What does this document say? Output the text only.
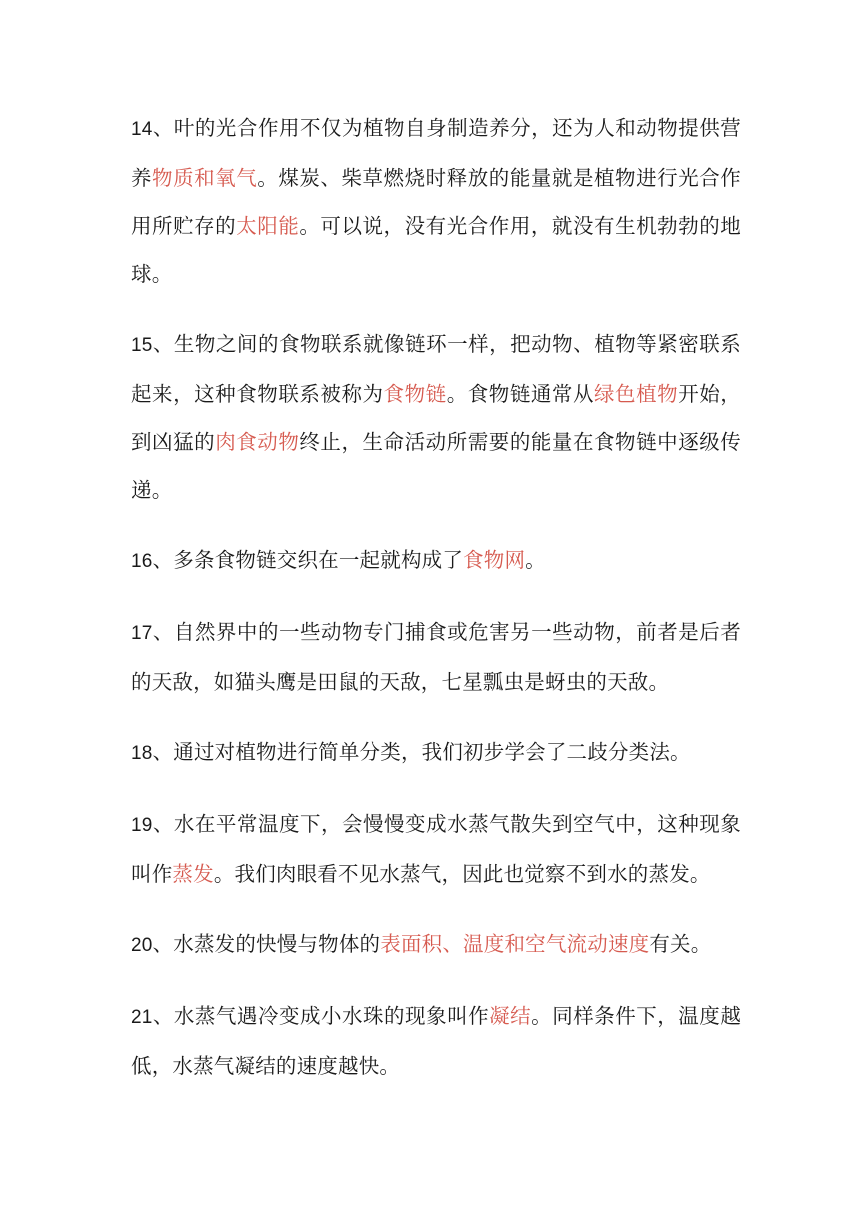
14、叶的光合作用不仅为植物自身制造养分，还为人和动物提供营养物质和氧气。煤炭、柴草燃烧时释放的能量就是植物进行光合作用所贮存的太阳能。可以说，没有光合作用，就没有生机勃勃的地球。

15、生物之间的食物联系就像链环一样，把动物、植物等紧密联系起来，这种食物联系被称为食物链。食物链通常从绿色植物开始，到凶猛的肉食动物终止，生命活动所需要的能量在食物链中逐级传递。

16、多条食物链交织在一起就构成了食物网。

17、自然界中的一些动物专门捕食或危害另一些动物，前者是后者的天敌，如猫头鹰是田鼠的天敌，七星瓢虫是蚜虫的天敌。

18、通过对植物进行简单分类，我们初步学会了二歧分类法。

19、水在平常温度下，会慢慢变成水蒸气散失到空气中，这种现象叫作蒸发。我们肉眼看不见水蒸气，因此也觉察不到水的蒸发。

20、水蒸发的快慢与物体的表面积、温度和空气流动速度有关。

21、水蒸气遇冷变成小水珠的现象叫作凝结。同样条件下，温度越低，水蒸气凝结的速度越快。
